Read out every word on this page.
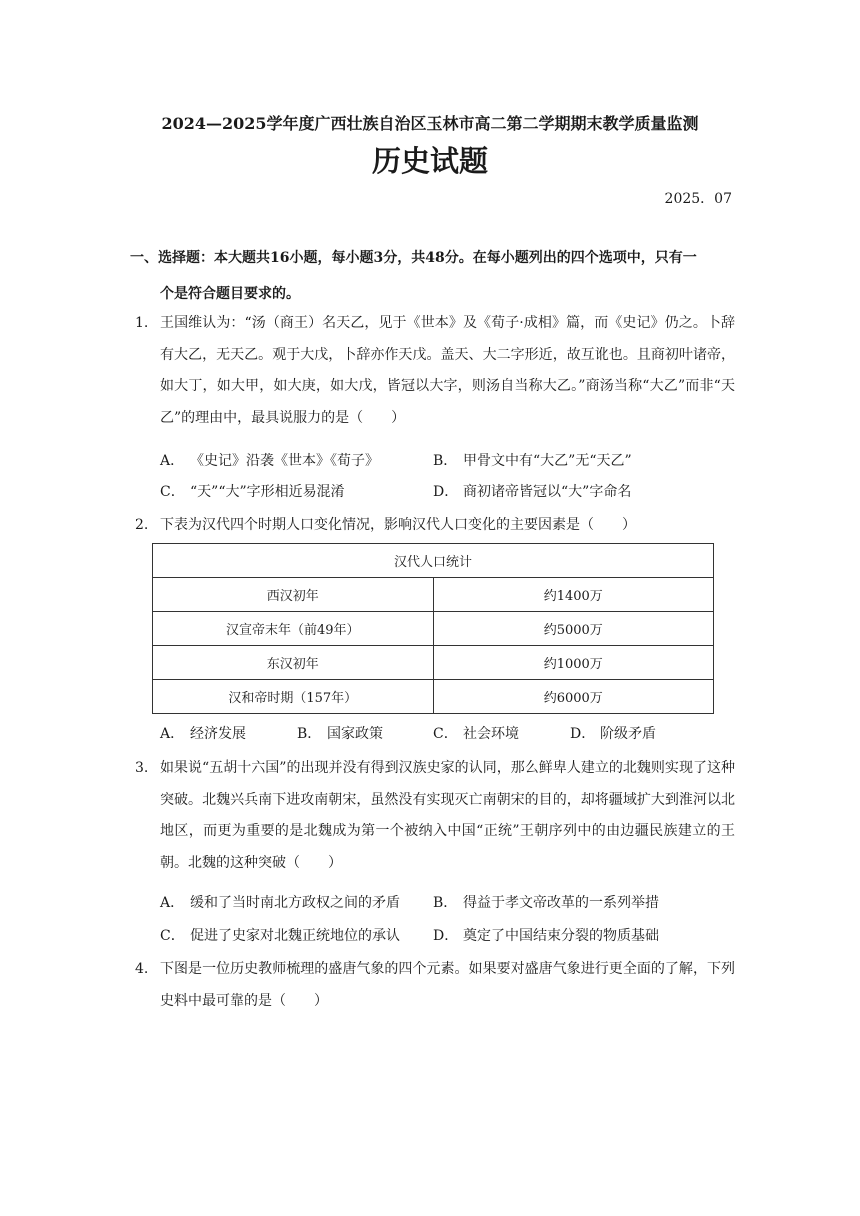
2024—2025学年度广西壮族自治区玉林市高二第二学期期末教学质量监测
历史试题
2025．07
一、选择题：本大题共16小题，每小题3分，共48分。在每小题列出的四个选项中，只有一
个是符合题目要求的。
1. 王国维认为：“汤（商王）名天乙，见于《世本》及《荀子·成相》篇，而《史记》仍之。卜辞有大乙，无天乙。观于大戊，卜辞亦作天戊。盖天、大二字形近，故互讹也。且商初叶诸帝，如大丁，如大甲，如大庚，如大戊，皆冠以大字，则汤自当称大乙。”商汤当称“大乙”而非“天乙”的理由中，最具说服力的是（　　）
A． 《史记》沿袭《世本》《荀子》	B． 甲骨文中有“大乙”无“天乙”
C． “天”“大”字形相近易混淆	D． 商初诸帝皆冠以“大”字命名
2. 下表为汉代四个时期人口变化情况，影响汉代人口变化的主要因素是（　　）
汉代人口统计	
西汉初年	约1400万
汉宣帝末年（前49年）	约5000万
东汉初年	约1000万
汉和帝时期（157年）	约6000万
A． 经济发展	B． 国家政策	C． 社会环境	D． 阶级矛盾
3. 如果说“五胡十六国”的出现并没有得到汉族史家的认同，那么鲜卑人建立的北魏则实现了这种突破。北魏兴兵南下进攻南朝宋，虽然没有实现灭亡南朝宋的目的，却将疆域扩大到淮河以北地区，而更为重要的是北魏成为第一个被纳入中国“正统”王朝序列中的由边疆民族建立的王朝。北魏的这种突破（　　）
A． 缓和了当时南北方政权之间的矛盾 B． 得益于孝文帝改革的一系列举措
C． 促进了史家对北魏正统地位的承认 D． 奠定了中国结束分裂的物质基础
4. 下图是一位历史教师梳理的盛唐气象的四个元素。如果要对盛唐气象进行更全面的了解，下列史料中最可靠的是（　　）
